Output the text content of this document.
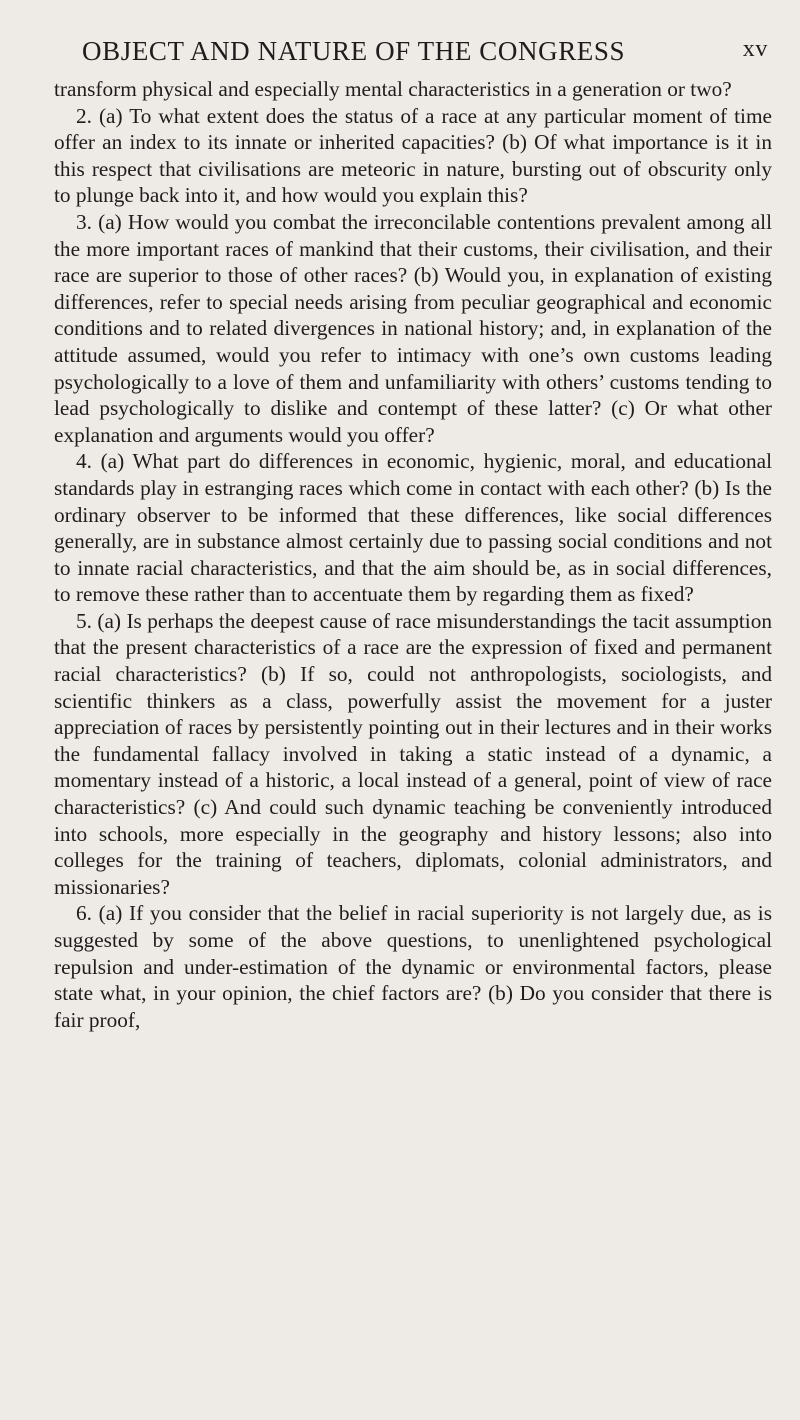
OBJECT AND NATURE OF THE CONGRESS	xv

transform physical and especially mental characteristics in a generation or two?

2. (a) To what extent does the status of a race at any particular moment of time offer an index to its innate or inherited capacities? (b) Of what importance is it in this respect that civilisations are meteoric in nature, bursting out of obscurity only to plunge back into it, and how would you explain this?

3. (a) How would you combat the irreconcilable contentions prevalent among all the more important races of mankind that their customs, their civilisation, and their race are superior to those of other races? (b) Would you, in explanation of existing differences, refer to special needs arising from peculiar geographical and economic conditions and to related divergences in national history; and, in explanation of the attitude assumed, would you refer to intimacy with one’s own customs leading psychologically to a love of them and unfamiliarity with others’ customs tending to lead psychologically to dislike and contempt of these latter? (c) Or what other explanation and arguments would you offer?

4. (a) What part do differences in economic, hygienic, moral, and educational standards play in estranging races which come in contact with each other? (b) Is the ordinary observer to be informed that these differences, like social differences generally, are in substance almost certainly due to passing social conditions and not to innate racial characteristics, and that the aim should be, as in social differences, to remove these rather than to accentuate them by regarding them as fixed?

5. (a) Is perhaps the deepest cause of race misunderstandings the tacit assumption that the present characteristics of a race are the expression of fixed and permanent racial characteristics? (b) If so, could not anthropologists, sociologists, and scientific thinkers as a class, powerfully assist the movement for a juster appreciation of races by persistently pointing out in their lectures and in their works the fundamental fallacy involved in taking a static instead of a dynamic, a momentary instead of a historic, a local instead of a general, point of view of race characteristics? (c) And could such dynamic teaching be conveniently introduced into schools, more especially in the geography and history lessons; also into colleges for the training of teachers, diplomats, colonial administrators, and missionaries?

6. (a) If you consider that the belief in racial superiority is not largely due, as is suggested by some of the above questions, to unenlightened psychological repulsion and under-estimation of the dynamic or environmental factors, please state what, in your opinion, the chief factors are? (b) Do you consider that there is fair proof,
